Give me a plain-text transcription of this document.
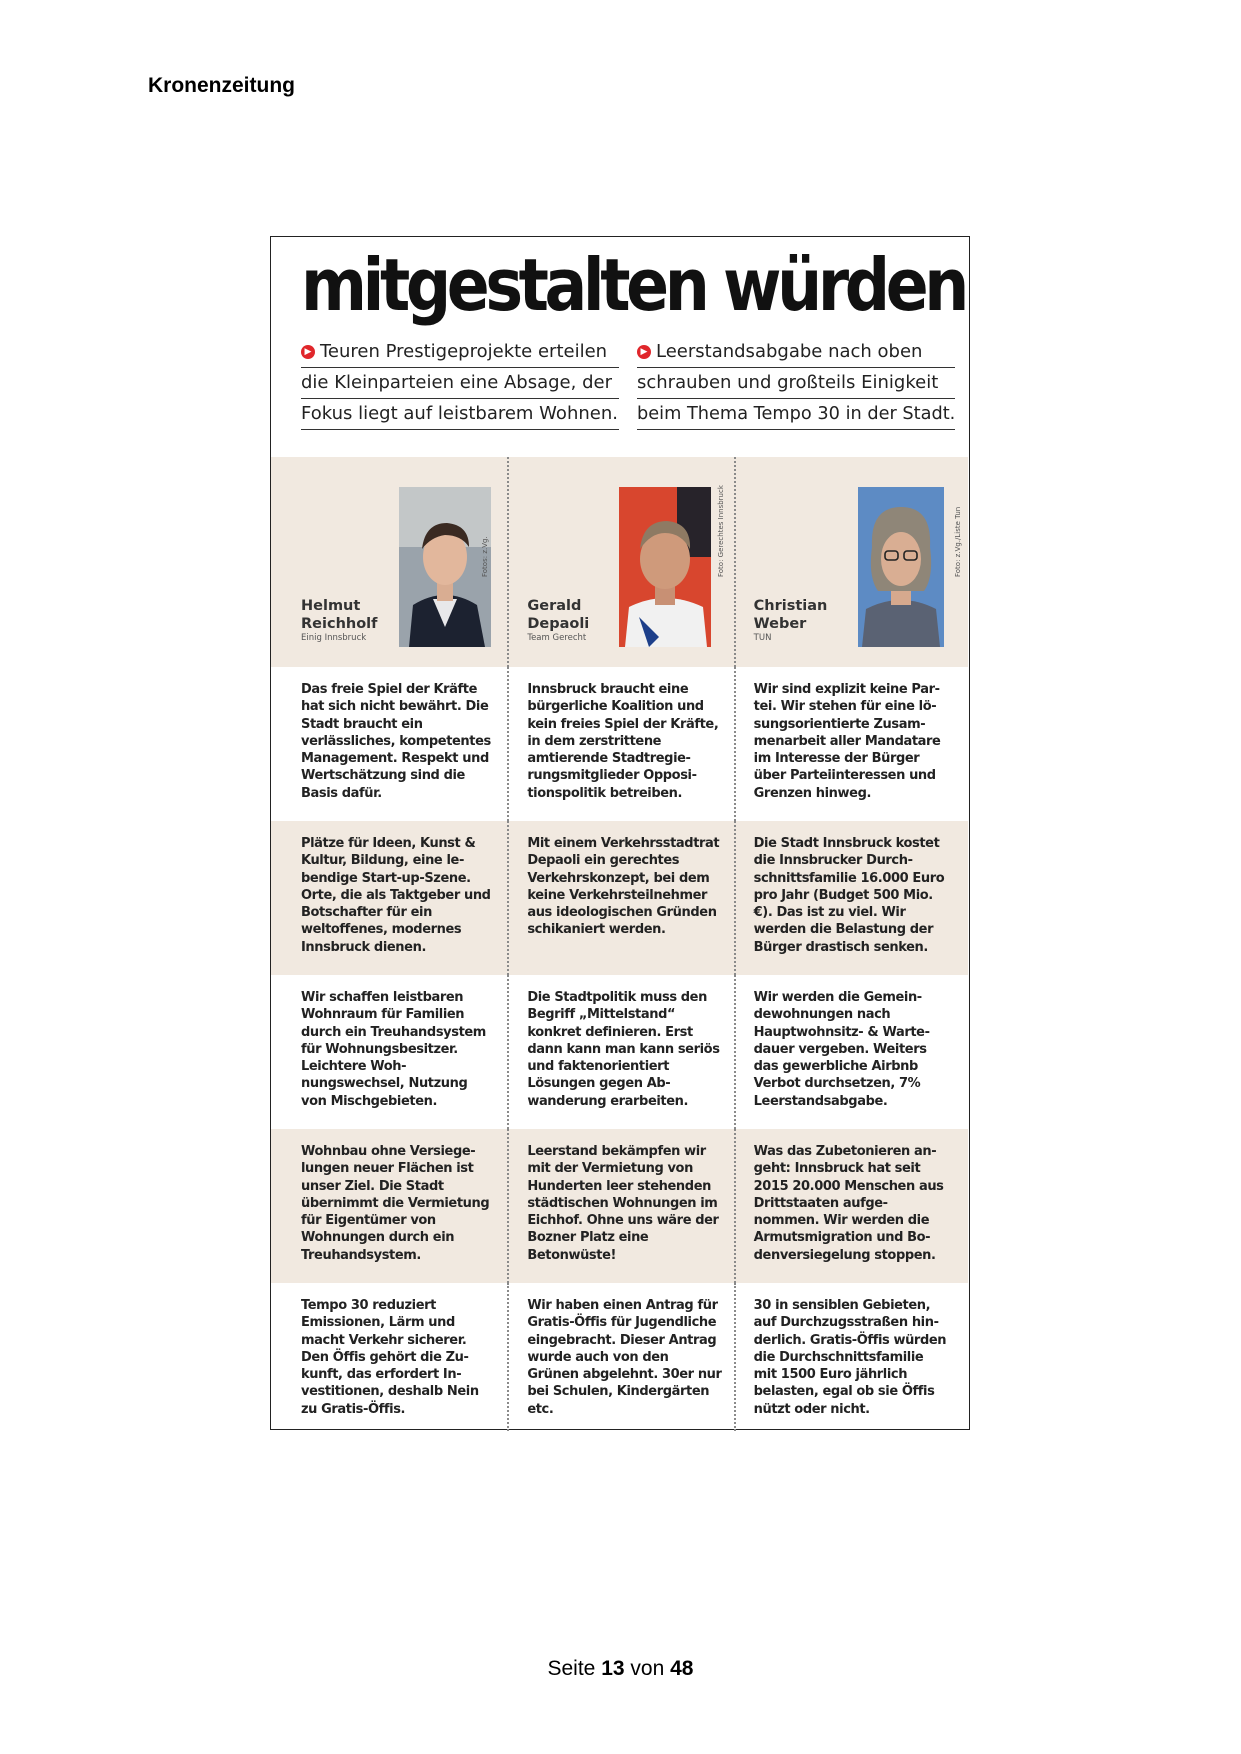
Kronenzeitung
mitgestalten würden
▶ Teuren Prestigeprojekte erteilen
die Kleinparteien eine Absage, der
Fokus liegt auf leistbarem Wohnen.
▶ Leerstandsabgabe nach oben
schrauben und großteils Einigkeit
beim Thema Tempo 30 in der Stadt.
Helmut
Reichholf
Einig Innsbruck
Fotos: z.Vg.
Gerald
Depaoli
Team Gerecht
Foto: Gerechtes Innsbruck
Christian
Weber
TUN
Foto: z.Vg./Liste Tun

Das freie Spiel der Kräfte hat sich nicht bewährt. Die Stadt braucht ein verlässliches, kompetentes Management. Respekt und Wertschätzung sind die Basis dafür.

Innsbruck braucht eine bürgerliche Koalition und kein freies Spiel der Kräfte, in dem zerstrittene amtierende Stadtregierungsmitglieder Oppositionspolitik betreiben.

Wir sind explizit keine Partei. Wir stehen für eine lösungsorientierte Zusammenarbeit aller Mandatare im Interesse der Bürger über Parteiinteressen und Grenzen hinweg.

Plätze für Ideen, Kunst & Kultur, Bildung, eine lebendige Start-up-Szene. Orte, die als Taktgeber und Botschafter für ein weltoffenes, modernes Innsbruck dienen.

Mit einem Verkehrsstadtrat Depaoli ein gerechtes Verkehrskonzept, bei dem keine Verkehrsteilnehmer aus ideologischen Gründen schikaniert werden.

Die Stadt Innsbruck kostet die Innsbrucker Durchschnittsfamilie 16.000 Euro pro Jahr (Budget 500 Mio. €). Das ist zu viel. Wir werden die Belastung der Bürger drastisch senken.

Wir schaffen leistbaren Wohnraum für Familien durch ein Treuhandsystem für Wohnungsbesitzer. Leichtere Wohnungswechsel, Nutzung von Mischgebieten.

Die Stadtpolitik muss den Begriff „Mittelstand“ konkret definieren. Erst dann kann man kann seriös und faktenorientiert Lösungen gegen Abwanderung erarbeiten.

Wir werden die Gemeindewohnungen nach Hauptwohnsitz- & Wartedauer vergeben. Weiters das gewerbliche Airbnb Verbot durchsetzen, 7% Leerstandsabgabe.

Wohnbau ohne Versiegelungen neuer Flächen ist unser Ziel. Die Stadt übernimmt die Vermietung für Eigentümer von Wohnungen durch ein Treuhandsystem.

Leerstand bekämpfen wir mit der Vermietung von Hunderten leer stehenden städtischen Wohnungen im Eichhof. Ohne uns wäre der Bozner Platz eine Betonwüste!

Was das Zubetonieren angeht: Innsbruck hat seit 2015 20.000 Menschen aus Drittstaaten aufgenommen. Wir werden die Armutsmigration und Bodenversiegelung stoppen.

Tempo 30 reduziert Emissionen, Lärm und macht Verkehr sicherer. Den Öffis gehört die Zukunft, das erfordert Investitionen, deshalb Nein zu Gratis-Öffis.

Wir haben einen Antrag für Gratis-Öffis für Jugendliche eingebracht. Dieser Antrag wurde auch von den Grünen abgelehnt. 30er nur bei Schulen, Kindergärten etc.

30 in sensiblen Gebieten, auf Durchzugsstraßen hinderlich. Gratis-Öffis würden die Durchschnittsfamilie mit 1500 Euro jährlich belasten, egal ob sie Öffis nützt oder nicht.

Seite 13 von 48
